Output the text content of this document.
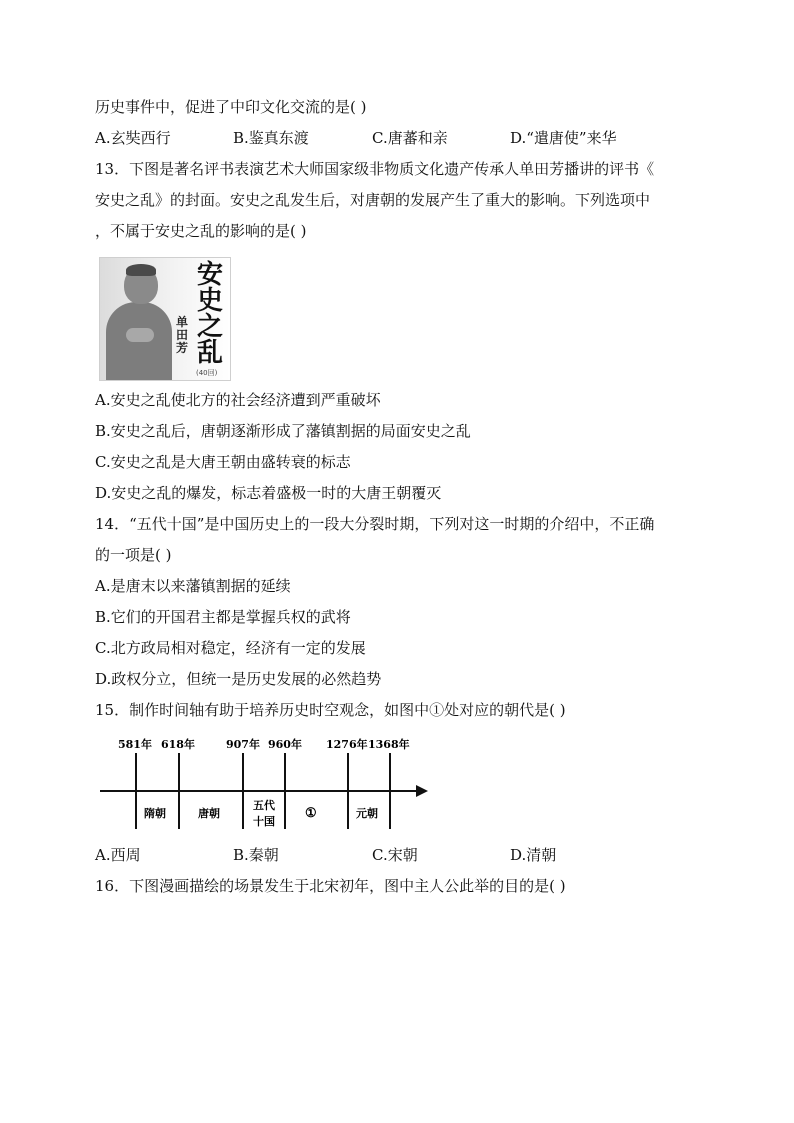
历史事件中，促进了中印文化交流的是( )
A.玄奘西行	B.鉴真东渡	C.唐蕃和亲	D.“遣唐使”来华
13．下图是著名评书表演艺术大师国家级非物质文化遗产传承人单田芳播讲的评书《
安史之乱》的封面。安史之乱发生后，对唐朝的发展产生了重大的影响。下列选项中
，不属于安史之乱的影响的是( )
安史之乱
单田芳
(40回)
A.安史之乱使北方的社会经济遭到严重破坏
B.安史之乱后，唐朝逐渐形成了藩镇割据的局面安史之乱
C.安史之乱是大唐王朝由盛转衰的标志
D.安史之乱的爆发，标志着盛极一时的大唐王朝覆灭
14．“五代十国”是中国历史上的一段大分裂时期，下列对这一时期的介绍中，不正确
的一项是( )
A.是唐末以来藩镇割据的延续
B.它们的开国君主都是掌握兵权的武将
C.北方政局相对稳定，经济有一定的发展
D.政权分立，但统一是历史发展的必然趋势
15．制作时间轴有助于培养历史时空观念，如图中①处对应的朝代是( )
581年 618年	907年 960年 1276年 1368年
隋朝	唐朝
五代
十国
①	元朝
A.西周	B.秦朝	C.宋朝	D.清朝
16．下图漫画描绘的场景发生于北宋初年，图中主人公此举的目的是( )
